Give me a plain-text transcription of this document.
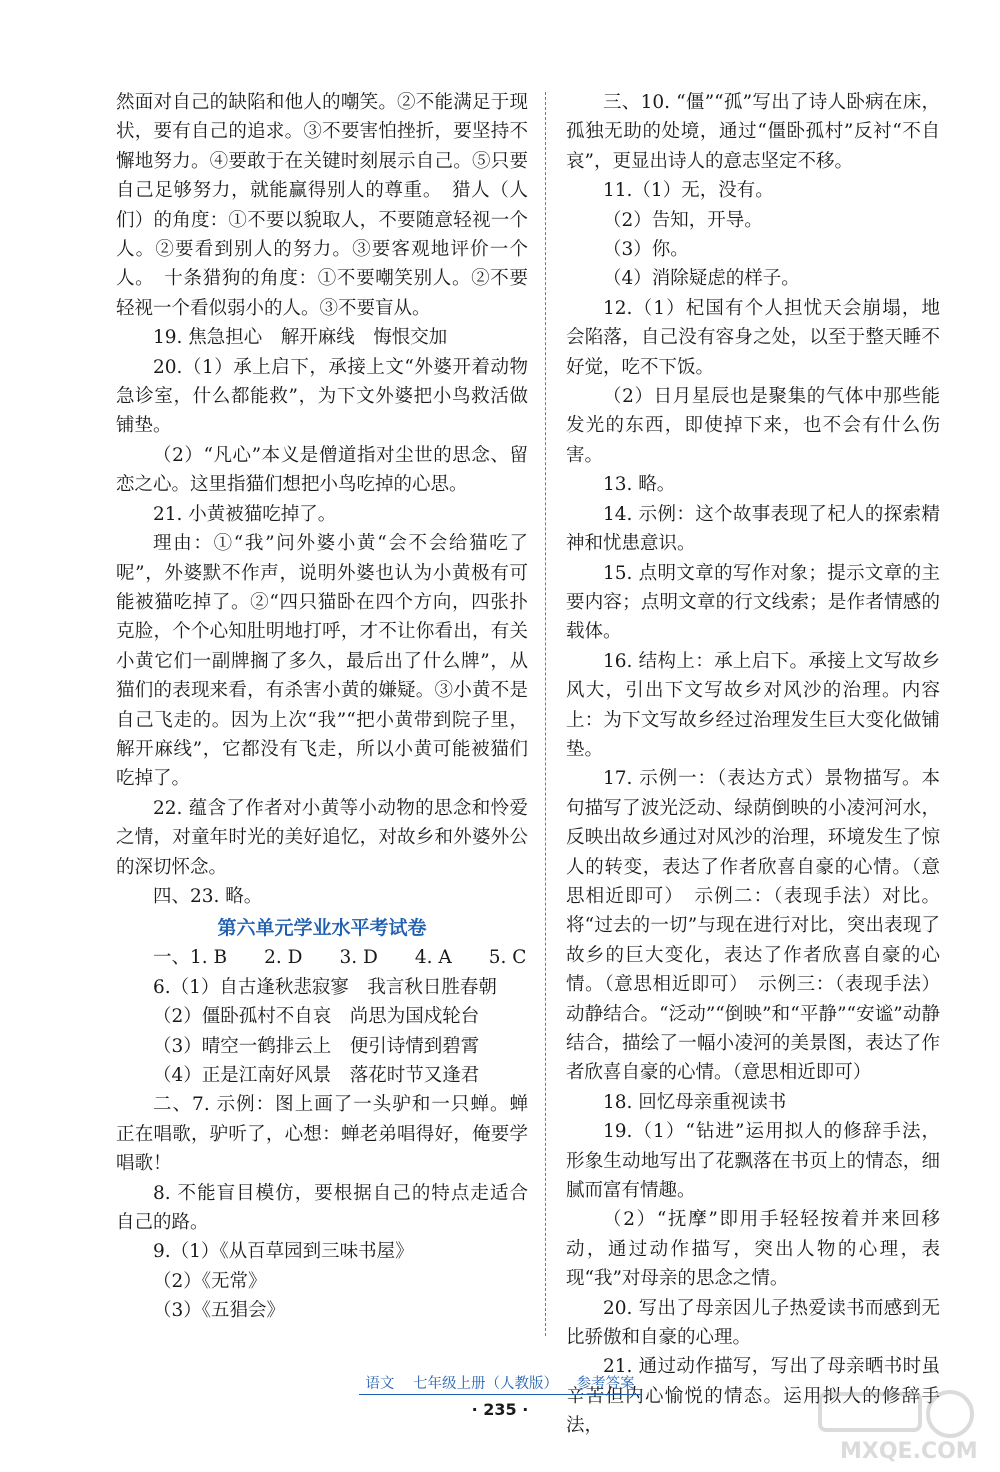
然面对自己的缺陷和他人的嘲笑。②不能满足于现状，要有自己的追求。③不要害怕挫折，要坚持不懈地努力。④要敢于在关键时刻展示自己。⑤只要自己足够努力，就能赢得别人的尊重。　猎人（人们）的角度：①不要以貌取人，不要随意轻视一个人。②要看到别人的努力。③要客观地评价一个人。　十条猎狗的角度：①不要嘲笑别人。②不要轻视一个看似弱小的人。③不要盲从。

19. 焦急担心　解开麻线　悔恨交加

20.（1）承上启下，承接上文“外婆开着动物急诊室，什么都能救”，为下文外婆把小鸟救活做铺垫。

（2）“凡心”本义是僧道指对尘世的思念、留恋之心。这里指猫们想把小鸟吃掉的心思。

21. 小黄被猫吃掉了。

理由：①“我”问外婆小黄“会不会给猫吃了呢”，外婆默不作声，说明外婆也认为小黄极有可能被猫吃掉了。②“四只猫卧在四个方向，四张扑克脸，个个心知肚明地打呼，才不让你看出，有关小黄它们一副牌搁了多久，最后出了什么牌”，从猫们的表现来看，有杀害小黄的嫌疑。③小黄不是自己飞走的。因为上次“我”“把小黄带到院子里，解开麻线”，它都没有飞走，所以小黄可能被猫们吃掉了。

22. 蕴含了作者对小黄等小动物的思念和怜爱之情，对童年时光的美好追忆，对故乡和外婆外公的深切怀念。

四、23. 略。

第六单元学业水平考试卷

一、1. B　　2. D　　3. D　　4. A　　5. C

6.（1）自古逢秋悲寂寥　我言秋日胜春朝

（2）僵卧孤村不自哀　尚思为国戍轮台

（3）晴空一鹤排云上　便引诗情到碧霄

（4）正是江南好风景　落花时节又逢君

二、7. 示例：图上画了一头驴和一只蝉。蝉正在唱歌，驴听了，心想：蝉老弟唱得好，俺要学唱歌！

8. 不能盲目模仿，要根据自己的特点走适合自己的路。

9.（1）《从百草园到三味书屋》

（2）《无常》

（3）《五猖会》

三、10. “僵”“孤”写出了诗人卧病在床，孤独无助的处境，通过“僵卧孤村”反衬“不自哀”，更显出诗人的意志坚定不移。

11.（1）无，没有。

（2）告知，开导。

（3）你。

（4）消除疑虑的样子。

12.（1）杞国有个人担忧天会崩塌，地会陷落，自己没有容身之处，以至于整天睡不好觉，吃不下饭。

（2）日月星辰也是聚集的气体中那些能发光的东西，即使掉下来，也不会有什么伤害。

13. 略。

14. 示例：这个故事表现了杞人的探索精神和忧患意识。

15. 点明文章的写作对象；提示文章的主要内容；点明文章的行文线索；是作者情感的载体。

16. 结构上：承上启下。承接上文写故乡风大，引出下文写故乡对风沙的治理。内容上：为下文写故乡经过治理发生巨大变化做铺垫。

17. 示例一：（表达方式）景物描写。本句描写了波光泛动、绿荫倒映的小凌河河水，反映出故乡通过对风沙的治理，环境发生了惊人的转变，表达了作者欣喜自豪的心情。（意思相近即可）　示例二：（表现手法）对比。将“过去的一切”与现在进行对比，突出表现了故乡的巨大变化，表达了作者欣喜自豪的心情。（意思相近即可）　示例三：（表现手法）动静结合。“泛动”“倒映”和“平静”“安谧”动静结合，描绘了一幅小凌河的美景图，表达了作者欣喜自豪的心情。（意思相近即可）

18. 回忆母亲重视读书

19.（1）“钻进”运用拟人的修辞手法，形象生动地写出了花飘落在书页上的情态，细腻而富有情趣。

（2）“抚摩”即用手轻轻按着并来回移动，通过动作描写，突出人物的心理，表现“我”对母亲的思念之情。

20. 写出了母亲因儿子热爱读书而感到无比骄傲和自豪的心理。

21. 通过动作描写，写出了母亲晒书时虽辛苦但内心愉悦的情态。运用拟人的修辞手法，

语文 七年级上册（人教版） 参考答案
· 235 ·
MXQE.COM
